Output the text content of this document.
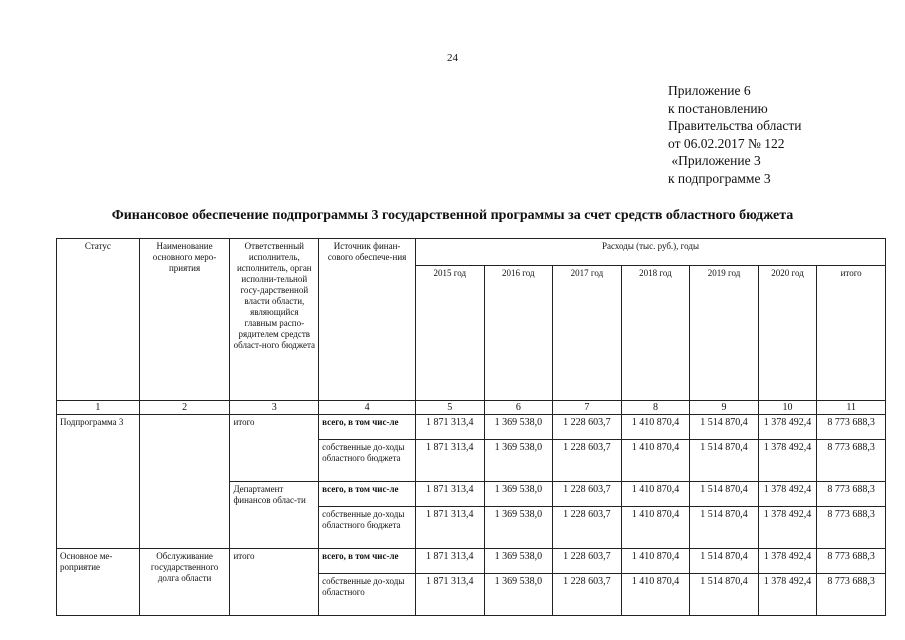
24
Приложение 6
к постановлению
Правительства области
от 06.02.2017 № 122
«Приложение 3
к подпрограмме 3
Финансовое обеспечение подпрограммы 3 государственной программы за счет средств областного бюджета
Статус	Наименование основного меро-приятия	Ответственный исполнитель, исполнитель, орган исполни-тельной госу-дарственной власти области, являющийся главным распо-рядителем средств област-ного бюджета	Источник финан-сового обеспече-ния	Расходы (тыс. руб.), годы						
				2015 год	2016 год	2017 год	2018 год	2019 год	2020 год	итого
1	2	3	4	5	6	7	8	9	10	11
Подпрограмма 3		итого	всего, в том чис-ле	1 871 313,4	1 369 538,0	1 228 603,7	1 410 870,4	1 514 870,4	1 378 492,4	8 773 688,3
			собственные до-ходы областного бюджета	1 871 313,4	1 369 538,0	1 228 603,7	1 410 870,4	1 514 870,4	1 378 492,4	8 773 688,3
		Департамент финансов облас-ти	всего, в том чис-ле	1 871 313,4	1 369 538,0	1 228 603,7	1 410 870,4	1 514 870,4	1 378 492,4	8 773 688,3
			собственные до-ходы областного бюджета	1 871 313,4	1 369 538,0	1 228 603,7	1 410 870,4	1 514 870,4	1 378 492,4	8 773 688,3
Основное ме-роприятие	Обслуживание государственного долга области	итого	всего, в том чис-ле	1 871 313,4	1 369 538,0	1 228 603,7	1 410 870,4	1 514 870,4	1 378 492,4	8 773 688,3
			собственные до-ходы областного	1 871 313,4	1 369 538,0	1 228 603,7	1 410 870,4	1 514 870,4	1 378 492,4	8 773 688,3
